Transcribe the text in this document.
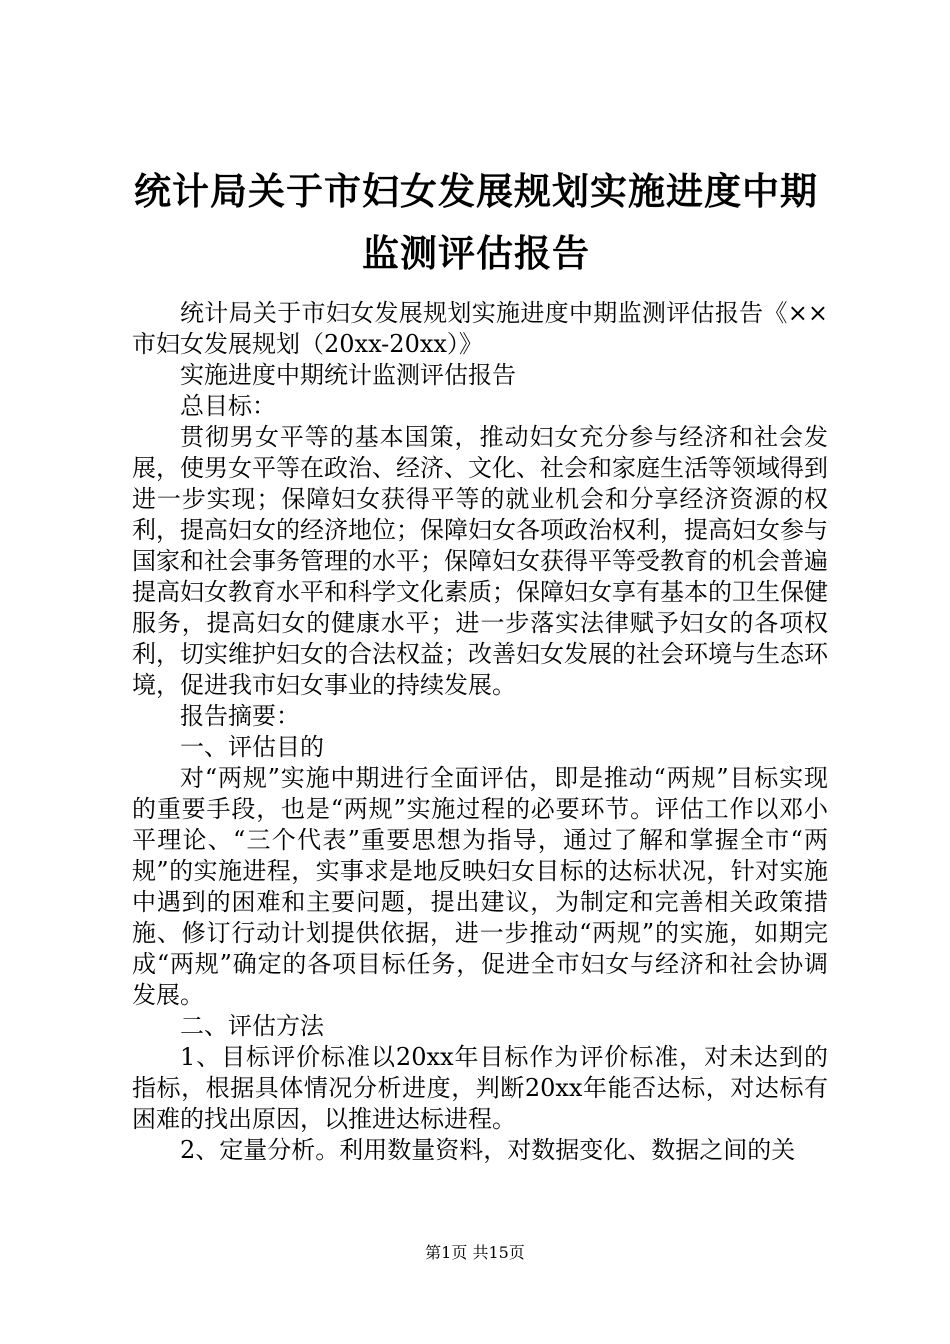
统计局关于市妇女发展规划实施进度中期监测评估报告

统计局关于市妇女发展规划实施进度中期监测评估报告《××市妇女发展规划（20xx-20xx）》

实施进度中期统计监测评估报告

总目标：

贯彻男女平等的基本国策，推动妇女充分参与经济和社会发展，使男女平等在政治、经济、文化、社会和家庭生活等领域得到进一步实现；保障妇女获得平等的就业机会和分享经济资源的权利，提高妇女的经济地位；保障妇女各项政治权利，提高妇女参与国家和社会事务管理的水平；保障妇女获得平等受教育的机会普遍提高妇女教育水平和科学文化素质；保障妇女享有基本的卫生保健服务，提高妇女的健康水平；进一步落实法律赋予妇女的各项权利，切实维护妇女的合法权益；改善妇女发展的社会环境与生态环境，促进我市妇女事业的持续发展。

报告摘要：

一、评估目的

对“两规”实施中期进行全面评估，即是推动“两规”目标实现的重要手段，也是“两规”实施过程的必要环节。评估工作以邓小平理论、“三个代表”重要思想为指导，通过了解和掌握全市“两规”的实施进程，实事求是地反映妇女目标的达标状况，针对实施中遇到的困难和主要问题，提出建议，为制定和完善相关政策措施、修订行动计划提供依据，进一步推动“两规”的实施，如期完成“两规”确定的各项目标任务，促进全市妇女与经济和社会协调发展。

二、评估方法

1、目标评价标准以20xx年目标作为评价标准，对未达到的指标，根据具体情况分析进度，判断20xx年能否达标，对达标有困难的找出原因，以推进达标进程。

2、定量分析。利用数量资料，对数据变化、数据之间的关

第1页 共15页
